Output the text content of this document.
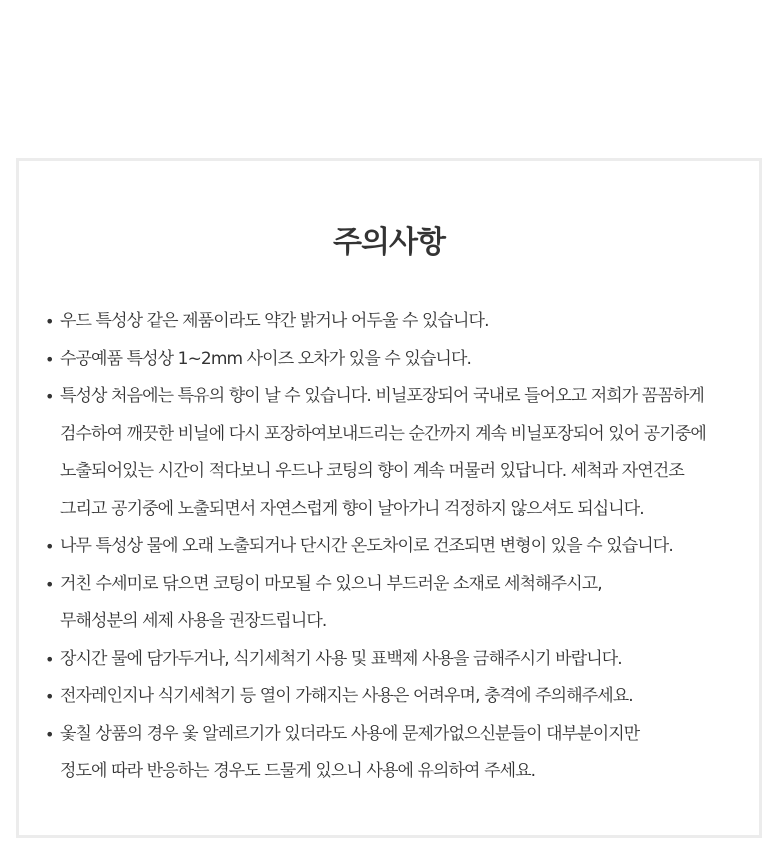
주의사항
• 우드 특성상 같은 제품이라도 약간 밝거나 어두울 수 있습니다.
• 수공예품 특성상 1~2mm 사이즈 오차가 있을 수 있습니다.
• 특성상 처음에는 특유의 향이 날 수 있습니다. 비닐포장되어 국내로 들어오고 저희가 꼼꼼하게
검수하여 깨끗한 비닐에 다시 포장하여보내드리는 순간까지 계속 비닐포장되어 있어 공기중에
노출되어있는 시간이 적다보니 우드나 코팅의 향이 계속 머물러 있답니다. 세척과 자연건조
그리고 공기중에 노출되면서 자연스럽게 향이 날아가니 걱정하지 않으셔도 되십니다.
• 나무 특성상 물에 오래 노출되거나 단시간 온도차이로 건조되면 변형이 있을 수 있습니다.
• 거친 수세미로 닦으면 코팅이 마모될 수 있으니 부드러운 소재로 세척해주시고,
무해성분의 세제 사용을 권장드립니다.
• 장시간 물에 담가두거나, 식기세척기 사용 및 표백제 사용을 금해주시기 바랍니다.
• 전자레인지나 식기세척기 등 열이 가해지는 사용은 어려우며, 충격에 주의해주세요.
• 옻칠 상품의 경우 옻 알레르기가 있더라도 사용에 문제가없으신분들이 대부분이지만
정도에 따라 반응하는 경우도 드물게 있으니 사용에 유의하여 주세요.
